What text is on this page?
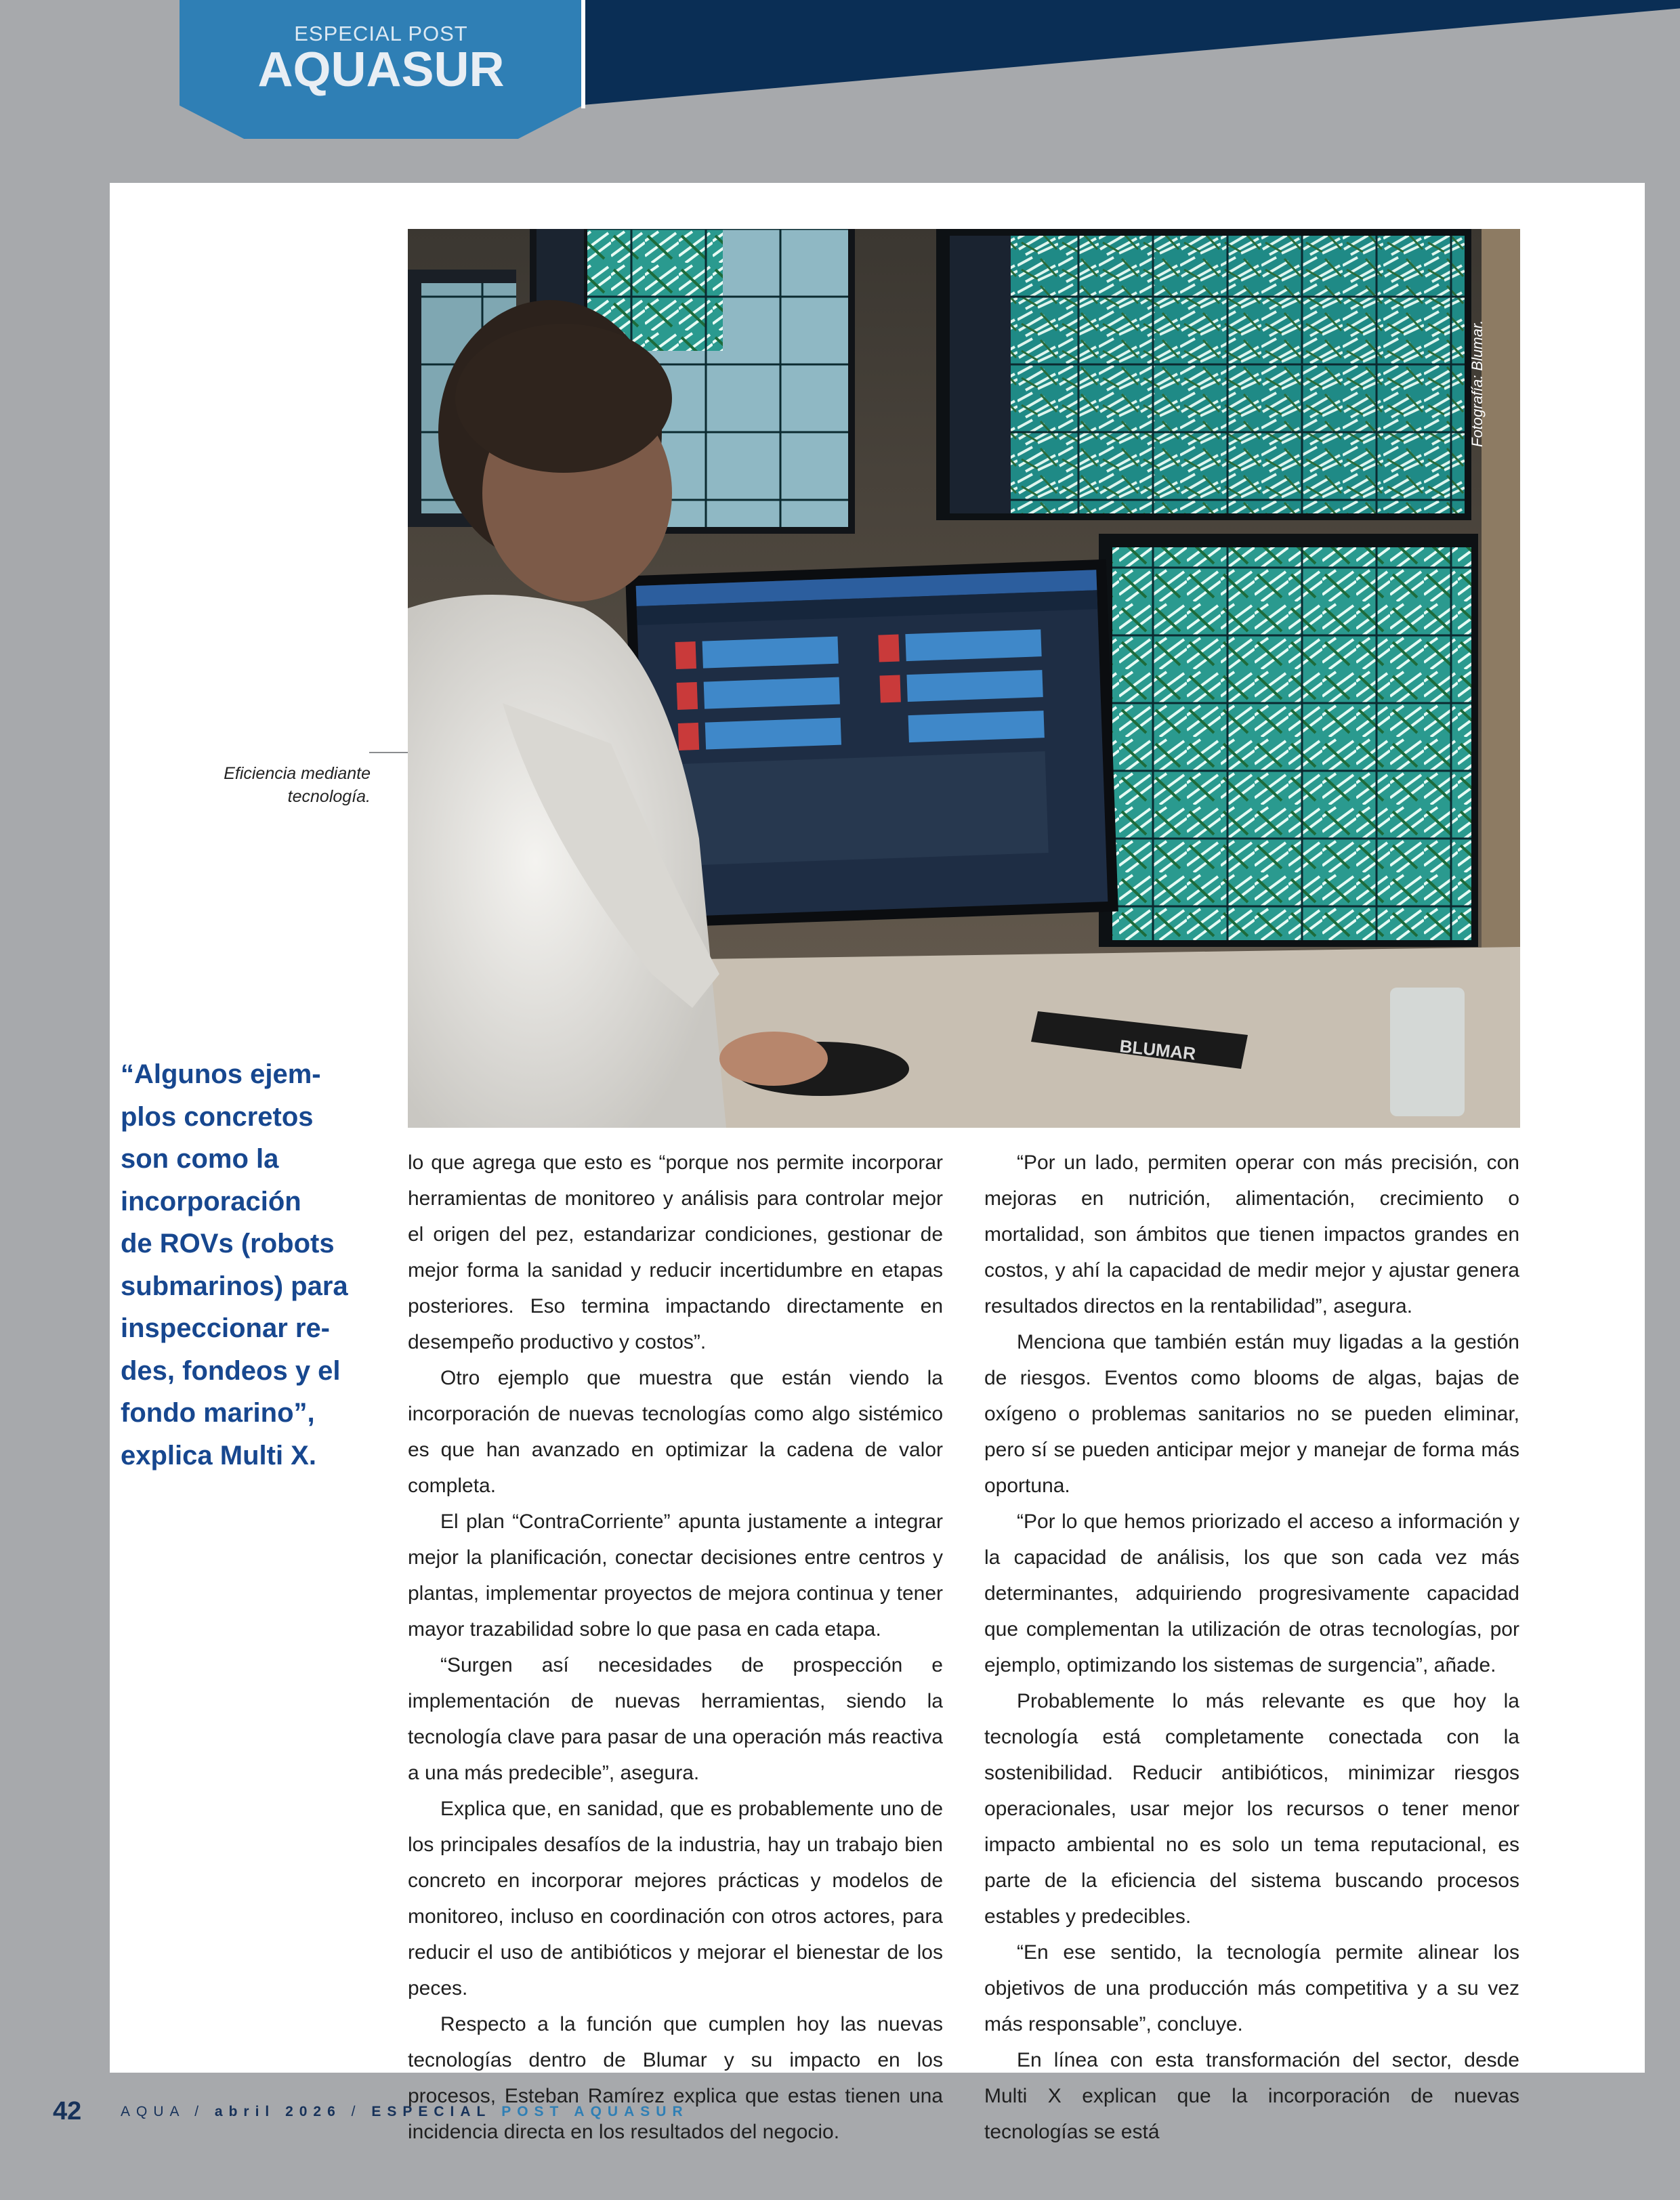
ESPECIAL POST
AQUASUR
BLUMAR
Fotografía: Blumar.
Eficiencia mediante tecnología.
“Algunos ejem-
plos concretos
son como la
incorporación
de ROVs (robots
submarinos) para
inspeccionar re-
des, fondeos y el
fondo marino”,
explica Multi X.

lo que agrega que esto es “porque nos permite incorporar herramientas de monitoreo y análisis para controlar mejor el origen del pez, estandarizar condiciones, gestionar de mejor forma la sanidad y reducir incertidumbre en etapas posteriores. Eso termina impactando directamente en desempeño productivo y costos”.

Otro ejemplo que muestra que están viendo la incorporación de nuevas tecnologías como algo sistémico es que han avanzado en optimizar la cadena de valor completa.

El plan “ContraCorriente” apunta justamente a integrar mejor la planificación, conectar decisiones entre centros y plantas, implementar proyectos de mejora continua y tener mayor trazabilidad sobre lo que pasa en cada etapa.

“Surgen así necesidades de prospección e implementación de nuevas herramientas, siendo la tecnología clave para pasar de una operación más reactiva a una más predecible”, asegura.

Explica que, en sanidad, que es probablemente uno de los principales desafíos de la industria, hay un trabajo bien concreto en incorporar mejores prácticas y modelos de monitoreo, incluso en coordinación con otros actores, para reducir el uso de antibióticos y mejorar el bienestar de los peces.

Respecto a la función que cumplen hoy las nuevas tecnologías dentro de Blumar y su impacto en los procesos, Esteban Ramírez explica que estas tienen una incidencia directa en los resultados del negocio.

“Por un lado, permiten operar con más precisión, con mejoras en nutrición, alimentación, crecimiento o mortalidad, son ámbitos que tienen impactos grandes en costos, y ahí la capacidad de medir mejor y ajustar genera resultados directos en la rentabilidad”, asegura.

Menciona que también están muy ligadas a la gestión de riesgos. Eventos como blooms de algas, bajas de oxígeno o problemas sanitarios no se pueden eliminar, pero sí se pueden anticipar mejor y manejar de forma más oportuna.

“Por lo que hemos priorizado el acceso a información y la capacidad de análisis, los que son cada vez más determinantes, adquiriendo progresivamente capacidad que complementan la utilización de otras tecnologías, por ejemplo, optimizando los sistemas de surgencia”, añade.

Probablemente lo más relevante es que hoy la tecnología está completamente conectada con la sostenibilidad. Reducir antibióticos, minimizar riesgos operacionales, usar mejor los recursos o tener menor impacto ambiental no es solo un tema reputacional, es parte de la eficiencia del sistema buscando procesos estables y predecibles.

“En ese sentido, la tecnología permite alinear los objetivos de una producción más competitiva y a su vez más responsable”, concluye.

En línea con esta transformación del sector, desde Multi X explican que la incorporación de nuevas tecnologías se está

42	AQUA / abril 2026 / ESPECIAL POST AQUASUR
